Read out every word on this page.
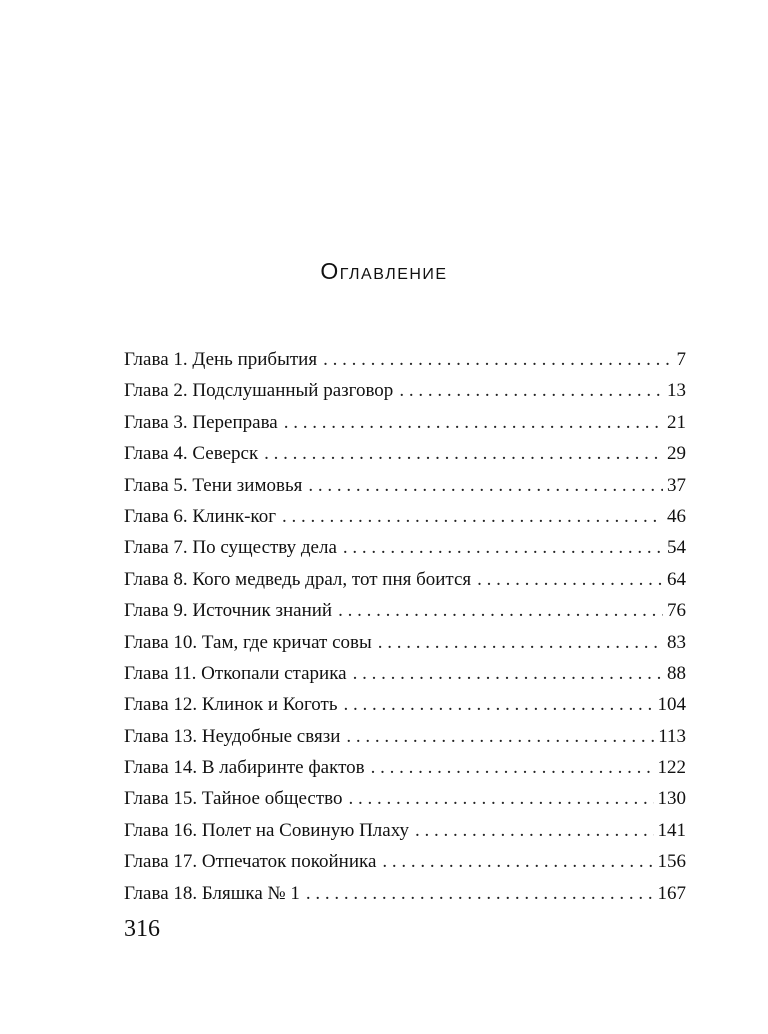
Оглавление
Глава 1. День прибытия . . .	7
Глава 2. Подслушанный разговор . . .	13
Глава 3. Переправа . . .	21
Глава 4. Северск . . .	29
Глава 5. Тени зимовья . . .	37
Глава 6. Клинк-ког . . .	46
Глава 7. По существу дела . . .	54
Глава 8. Кого медведь драл, тот пня боится . . .	64
Глава 9. Источник знаний . . .	76
Глава 10. Там, где кричат совы . . .	83
Глава 11. Откопали старика . . .	88
Глава 12. Клинок и Коготь . . .	104
Глава 13. Неудобные связи . . .	113
Глава 14. В лабиринте фактов . . .	122
Глава 15. Тайное общество . . .	130
Глава 16. Полет на Совиную Плаху . . .	141
Глава 17. Отпечаток покойника . . .	156
Глава 18. Бляшка № 1 . . .	167
316
